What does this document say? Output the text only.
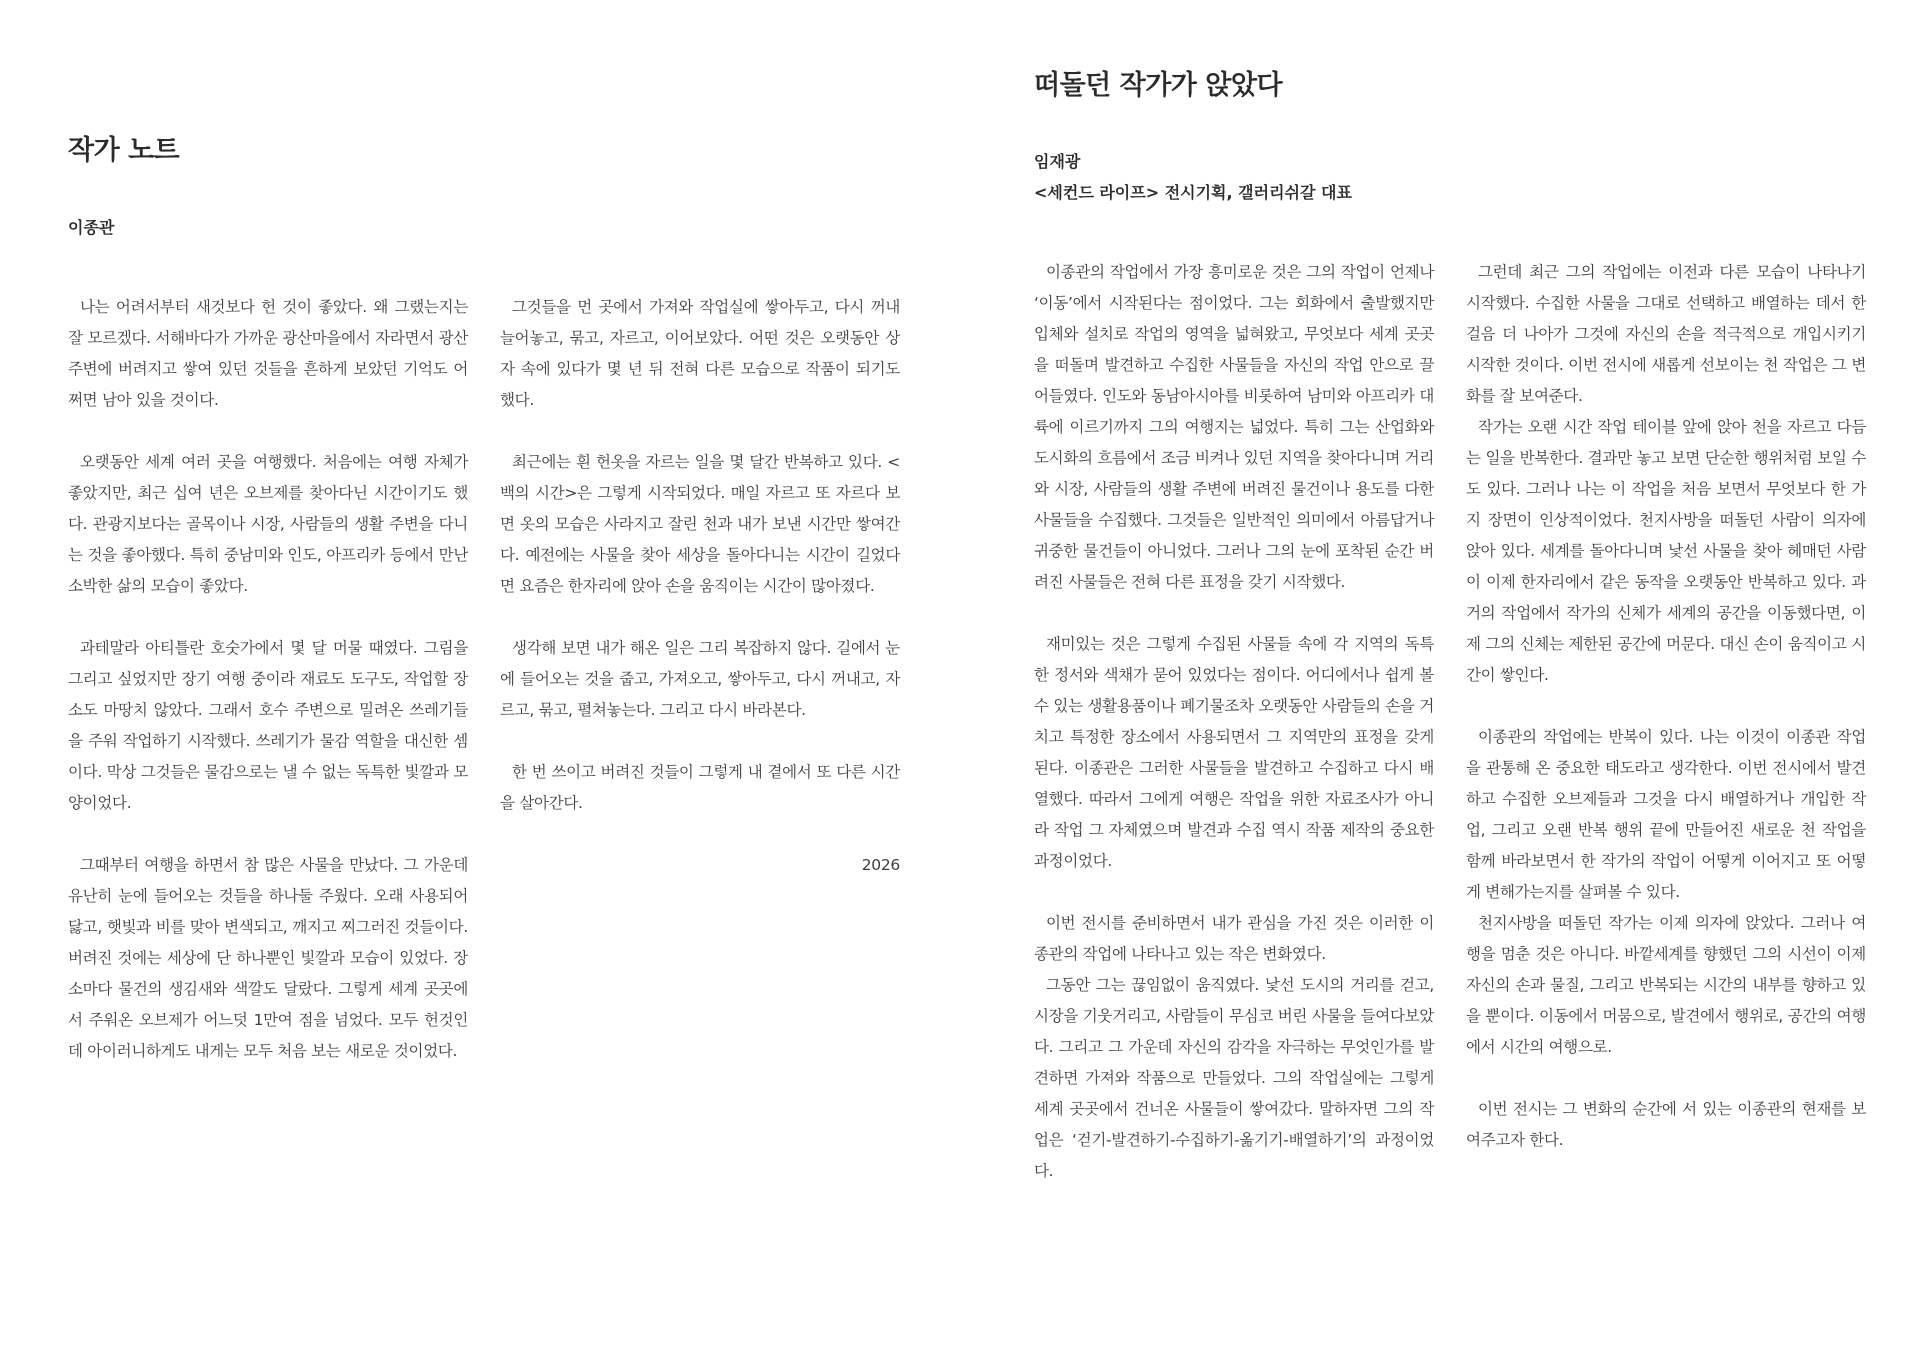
작가 노트
이종관

나는 어려서부터 새것보다 헌 것이 좋았다. 왜 그랬는지는 잘 모르겠다. 서해바다가 가까운 광산마을에서 자라면서 광산 주변에 버려지고 쌓여 있던 것들을 흔하게 보았던 기억도 어쩌면 남아 있을 것이다.

오랫동안 세계 여러 곳을 여행했다. 처음에는 여행 자체가 좋았지만, 최근 십여 년은 오브제를 찾아다닌 시간이기도 했다. 관광지보다는 골목이나 시장, 사람들의 생활 주변을 다니는 것을 좋아했다. 특히 중남미와 인도, 아프리카 등에서 만난 소박한 삶의 모습이 좋았다.

과테말라 아티틀란 호숫가에서 몇 달 머물 때였다. 그림을 그리고 싶었지만 장기 여행 중이라 재료도 도구도, 작업할 장소도 마땅치 않았다. 그래서 호수 주변으로 밀려온 쓰레기들을 주워 작업하기 시작했다. 쓰레기가 물감 역할을 대신한 셈이다. 막상 그것들은 물감으로는 낼 수 없는 독특한 빛깔과 모양이었다.

그때부터 여행을 하면서 참 많은 사물을 만났다. 그 가운데 유난히 눈에 들어오는 것들을 하나둘 주웠다. 오래 사용되어 닳고, 햇빛과 비를 맞아 변색되고, 깨지고 찌그러진 것들이다. 버려진 것에는 세상에 단 하나뿐인 빛깔과 모습이 있었다. 장소마다 물건의 생김새와 색깔도 달랐다. 그렇게 세계 곳곳에서 주워온 오브제가 어느덧 1만여 점을 넘었다. 모두 헌것인데 아이러니하게도 내게는 모두 처음 보는 새로운 것이었다.

그것들을 먼 곳에서 가져와 작업실에 쌓아두고, 다시 꺼내 늘어놓고, 묶고, 자르고, 이어보았다. 어떤 것은 오랫동안 상자 속에 있다가 몇 년 뒤 전혀 다른 모습으로 작품이 되기도 했다.

최근에는 흰 헌옷을 자르는 일을 몇 달간 반복하고 있다. <백의 시간>은 그렇게 시작되었다. 매일 자르고 또 자르다 보면 옷의 모습은 사라지고 잘린 천과 내가 보낸 시간만 쌓여간다. 예전에는 사물을 찾아 세상을 돌아다니는 시간이 길었다면 요즘은 한자리에 앉아 손을 움직이는 시간이 많아졌다.

생각해 보면 내가 해온 일은 그리 복잡하지 않다. 길에서 눈에 들어오는 것을 줍고, 가져오고, 쌓아두고, 다시 꺼내고, 자르고, 묶고, 펼쳐놓는다. 그리고 다시 바라본다.

한 번 쓰이고 버려진 것들이 그렇게 내 곁에서 또 다른 시간을 살아간다.

2026

떠돌던 작가가 앉았다
임재광
<세컨드 라이프> 전시기획, 갤러리쉬갈 대표

이종관의 작업에서 가장 흥미로운 것은 그의 작업이 언제나 ‘이동’에서 시작된다는 점이었다. 그는 회화에서 출발했지만 입체와 설치로 작업의 영역을 넓혀왔고, 무엇보다 세계 곳곳을 떠돌며 발견하고 수집한 사물들을 자신의 작업 안으로 끌어들였다. 인도와 동남아시아를 비롯하여 남미와 아프리카 대륙에 이르기까지 그의 여행지는 넓었다. 특히 그는 산업화와 도시화의 흐름에서 조금 비켜나 있던 지역을 찾아다니며 거리와 시장, 사람들의 생활 주변에 버려진 물건이나 용도를 다한 사물들을 수집했다. 그것들은 일반적인 의미에서 아름답거나 귀중한 물건들이 아니었다. 그러나 그의 눈에 포착된 순간 버려진 사물들은 전혀 다른 표정을 갖기 시작했다.

재미있는 것은 그렇게 수집된 사물들 속에 각 지역의 독특한 정서와 색채가 묻어 있었다는 점이다. 어디에서나 쉽게 볼 수 있는 생활용품이나 폐기물조차 오랫동안 사람들의 손을 거치고 특정한 장소에서 사용되면서 그 지역만의 표정을 갖게 된다. 이종관은 그러한 사물들을 발견하고 수집하고 다시 배열했다. 따라서 그에게 여행은 작업을 위한 자료조사가 아니라 작업 그 자체였으며 발견과 수집 역시 작품 제작의 중요한 과정이었다.

이번 전시를 준비하면서 내가 관심을 가진 것은 이러한 이종관의 작업에 나타나고 있는 작은 변화였다.

그동안 그는 끊임없이 움직였다. 낯선 도시의 거리를 걷고, 시장을 기웃거리고, 사람들이 무심코 버린 사물을 들여다보았다. 그리고 그 가운데 자신의 감각을 자극하는 무엇인가를 발견하면 가져와 작품으로 만들었다. 그의 작업실에는 그렇게 세계 곳곳에서 건너온 사물들이 쌓여갔다. 말하자면 그의 작업은 ‘걷기-발견하기-수집하기-옮기기-배열하기’의 과정이었다.

그런데 최근 그의 작업에는 이전과 다른 모습이 나타나기 시작했다. 수집한 사물을 그대로 선택하고 배열하는 데서 한 걸음 더 나아가 그것에 자신의 손을 적극적으로 개입시키기 시작한 것이다. 이번 전시에 새롭게 선보이는 천 작업은 그 변화를 잘 보여준다.

작가는 오랜 시간 작업 테이블 앞에 앉아 천을 자르고 다듬는 일을 반복한다. 결과만 놓고 보면 단순한 행위처럼 보일 수도 있다. 그러나 나는 이 작업을 처음 보면서 무엇보다 한 가지 장면이 인상적이었다. 천지사방을 떠돌던 사람이 의자에 앉아 있다. 세계를 돌아다니며 낯선 사물을 찾아 헤매던 사람이 이제 한자리에서 같은 동작을 오랫동안 반복하고 있다. 과거의 작업에서 작가의 신체가 세계의 공간을 이동했다면, 이제 그의 신체는 제한된 공간에 머문다. 대신 손이 움직이고 시간이 쌓인다.

이종관의 작업에는 반복이 있다. 나는 이것이 이종관 작업을 관통해 온 중요한 태도라고 생각한다. 이번 전시에서 발견하고 수집한 오브제들과 그것을 다시 배열하거나 개입한 작업, 그리고 오랜 반복 행위 끝에 만들어진 새로운 천 작업을 함께 바라보면서 한 작가의 작업이 어떻게 이어지고 또 어떻게 변해가는지를 살펴볼 수 있다.

천지사방을 떠돌던 작가는 이제 의자에 앉았다. 그러나 여행을 멈춘 것은 아니다. 바깥세계를 향했던 그의 시선이 이제 자신의 손과 물질, 그리고 반복되는 시간의 내부를 향하고 있을 뿐이다. 이동에서 머뭄으로, 발견에서 행위로, 공간의 여행에서 시간의 여행으로.

이번 전시는 그 변화의 순간에 서 있는 이종관의 현재를 보여주고자 한다.
